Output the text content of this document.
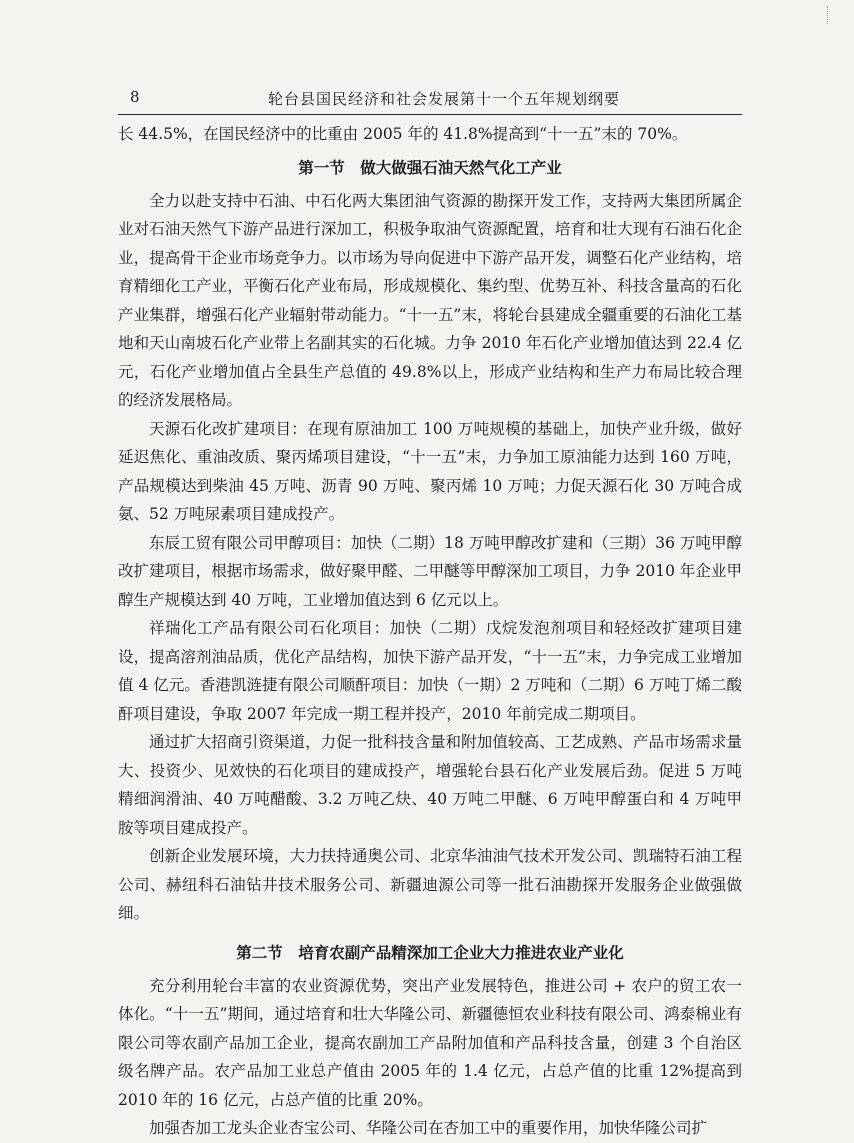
8	轮台县国民经济和社会发展第十一个五年规划纲要

长 44.5%，在国民经济中的比重由 2005 年的 41.8%提高到“十一五”末的 70%。

第一节　做大做强石油天然气化工产业

全力以赴支持中石油、中石化两大集团油气资源的勘探开发工作，支持两大集团所属企业对石油天然气下游产品进行深加工，积极争取油气资源配置，培育和壮大现有石油石化企业，提高骨干企业市场竞争力。以市场为导向促进中下游产品开发，调整石化产业结构，培育精细化工产业，平衡石化产业布局，形成规模化、集约型、优势互补、科技含量高的石化产业集群，增强石化产业辐射带动能力。“十一五”末，将轮台县建成全疆重要的石油化工基地和天山南坡石化产业带上名副其实的石化城。力争 2010 年石化产业增加值达到 22.4 亿元，石化产业增加值占全县生产总值的 49.8%以上，形成产业结构和生产力布局比较合理的经济发展格局。

天源石化改扩建项目：在现有原油加工 100 万吨规模的基础上，加快产业升级，做好延迟焦化、重油改质、聚丙烯项目建设，“十一五”末，力争加工原油能力达到 160 万吨，产品规模达到柴油 45 万吨、沥青 90 万吨、聚丙烯 10 万吨；力促天源石化 30 万吨合成氨、52 万吨尿素项目建成投产。

东辰工贸有限公司甲醇项目：加快（二期）18 万吨甲醇改扩建和（三期）36 万吨甲醇改扩建项目，根据市场需求，做好聚甲醛、二甲醚等甲醇深加工项目，力争 2010 年企业甲醇生产规模达到 40 万吨，工业增加值达到 6 亿元以上。

祥瑞化工产品有限公司石化项目：加快（二期）戊烷发泡剂项目和轻烃改扩建项目建设，提高溶剂油品质，优化产品结构，加快下游产品开发，“十一五”末，力争完成工业增加值 4 亿元。香港凯涟捷有限公司顺酐项目：加快（一期）2 万吨和（二期）6 万吨丁烯二酸酐项目建设，争取 2007 年完成一期工程并投产，2010 年前完成二期项目。

通过扩大招商引资渠道，力促一批科技含量和附加值较高、工艺成熟、产品市场需求量大、投资少、见效快的石化项目的建成投产，增强轮台县石化产业发展后劲。促进 5 万吨精细润滑油、40 万吨醋酸、3.2 万吨乙炔、40 万吨二甲醚、6 万吨甲醇蛋白和 4 万吨甲胺等项目建成投产。

创新企业发展环境，大力扶持通奥公司、北京华油油气技术开发公司、凯瑞特石油工程公司、赫纽科石油钻井技术服务公司、新疆迪源公司等一批石油勘探开发服务企业做强做细。

第二节　培育农副产品精深加工企业大力推进农业产业化

充分利用轮台丰富的农业资源优势，突出产业发展特色，推进公司 + 农户的贸工农一体化。“十一五”期间，通过培育和壮大华隆公司、新疆德恒农业科技有限公司、鸿泰棉业有限公司等农副产品加工企业，提高农副加工产品附加值和产品科技含量，创建 3 个自治区级名牌产品。农产品加工业总产值由 2005 年的 1.4 亿元，占总产值的比重 12%提高到 2010 年的 16 亿元，占总产值的比重 20%。

加强杏加工龙头企业杏宝公司、华隆公司在杏加工中的重要作用，加快华隆公司扩
